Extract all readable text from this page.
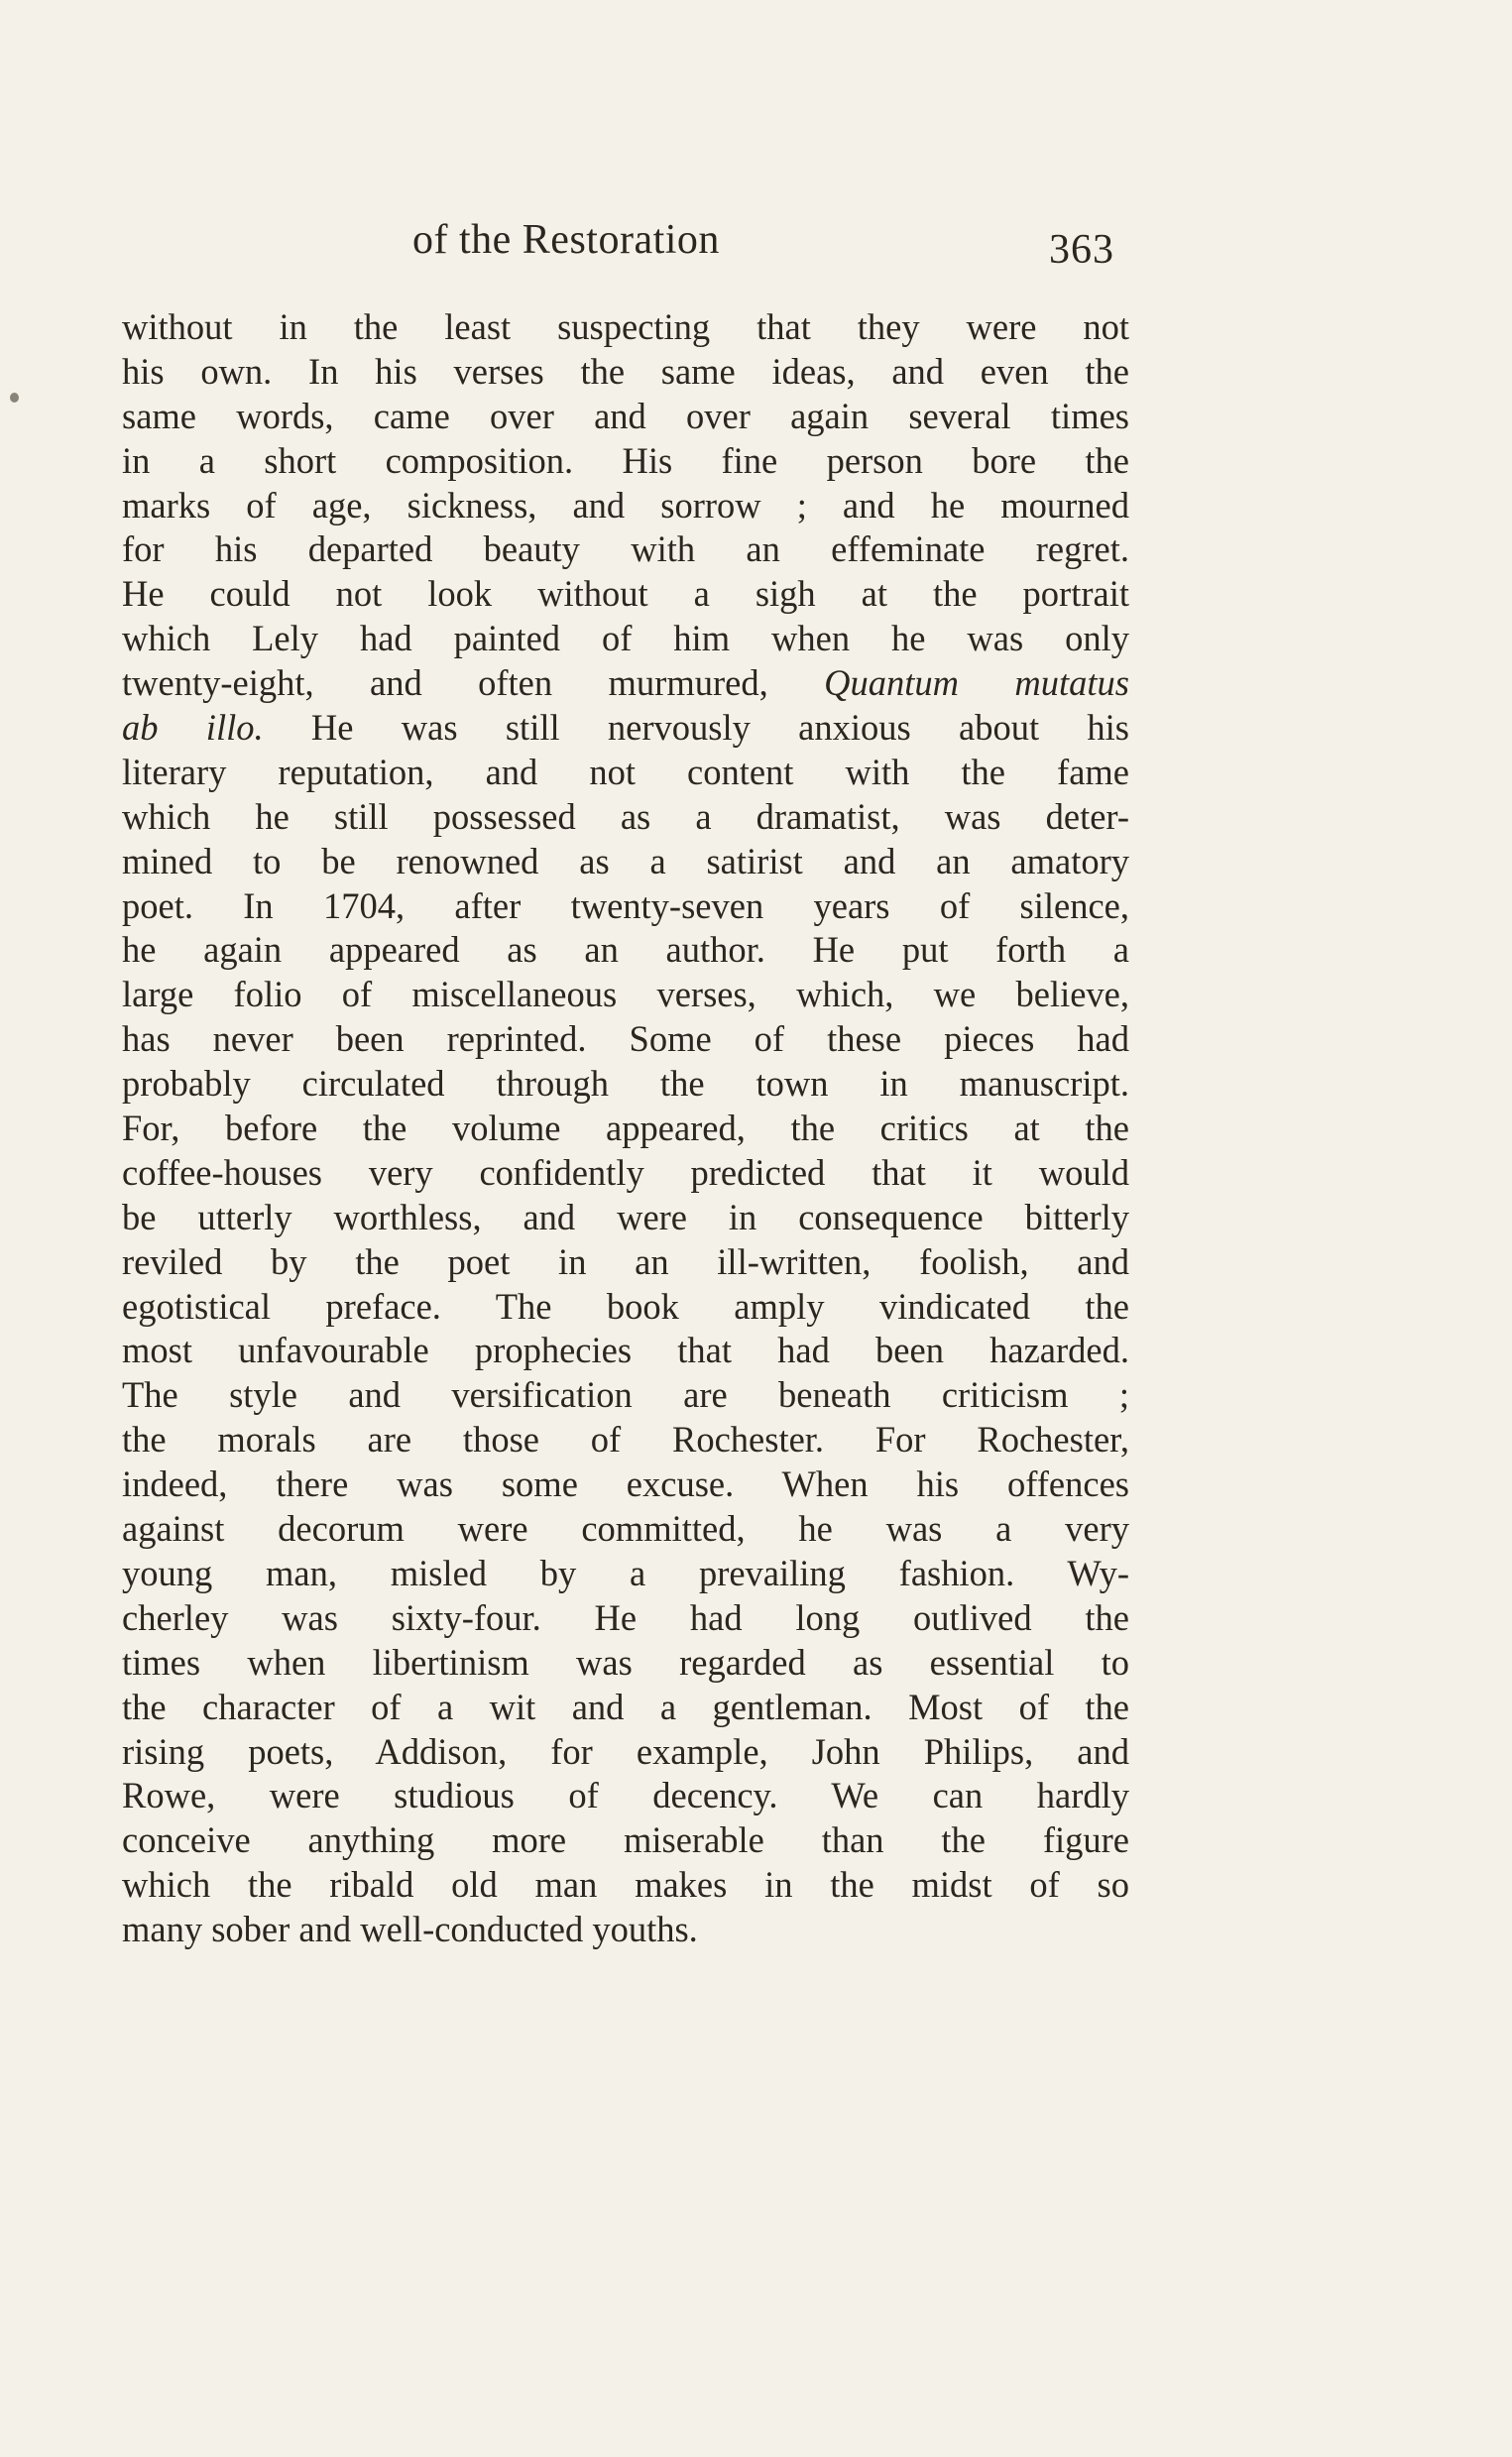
of the Restoration	363
without in the least suspecting that they were not
his own. In his verses the same ideas, and even the
same words, came over and over again several times
in a short composition. His fine person bore the
marks of age, sickness, and sorrow ; and he mourned
for his departed beauty with an effeminate regret.
He could not look without a sigh at the portrait
which Lely had painted of him when he was only
twenty-eight, and often murmured, Quantum mutatus
ab illo. He was still nervously anxious about his
literary reputation, and not content with the fame
which he still possessed as a dramatist, was deter-
mined to be renowned as a satirist and an amatory
poet. In 1704, after twenty-seven years of silence,
he again appeared as an author. He put forth a
large folio of miscellaneous verses, which, we believe,
has never been reprinted. Some of these pieces had
probably circulated through the town in manuscript.
For, before the volume appeared, the critics at the
coffee-houses very confidently predicted that it would
be utterly worthless, and were in consequence bitterly
reviled by the poet in an ill-written, foolish, and
egotistical preface. The book amply vindicated the
most unfavourable prophecies that had been hazarded.
The style and versification are beneath criticism ;
the morals are those of Rochester. For Rochester,
indeed, there was some excuse. When his offences
against decorum were committed, he was a very
young man, misled by a prevailing fashion. Wy-
cherley was sixty-four. He had long outlived the
times when libertinism was regarded as essential to
the character of a wit and a gentleman. Most of the
rising poets, Addison, for example, John Philips, and
Rowe, were studious of decency. We can hardly
conceive anything more miserable than the figure
which the ribald old man makes in the midst of so
many sober and well-conducted youths.
